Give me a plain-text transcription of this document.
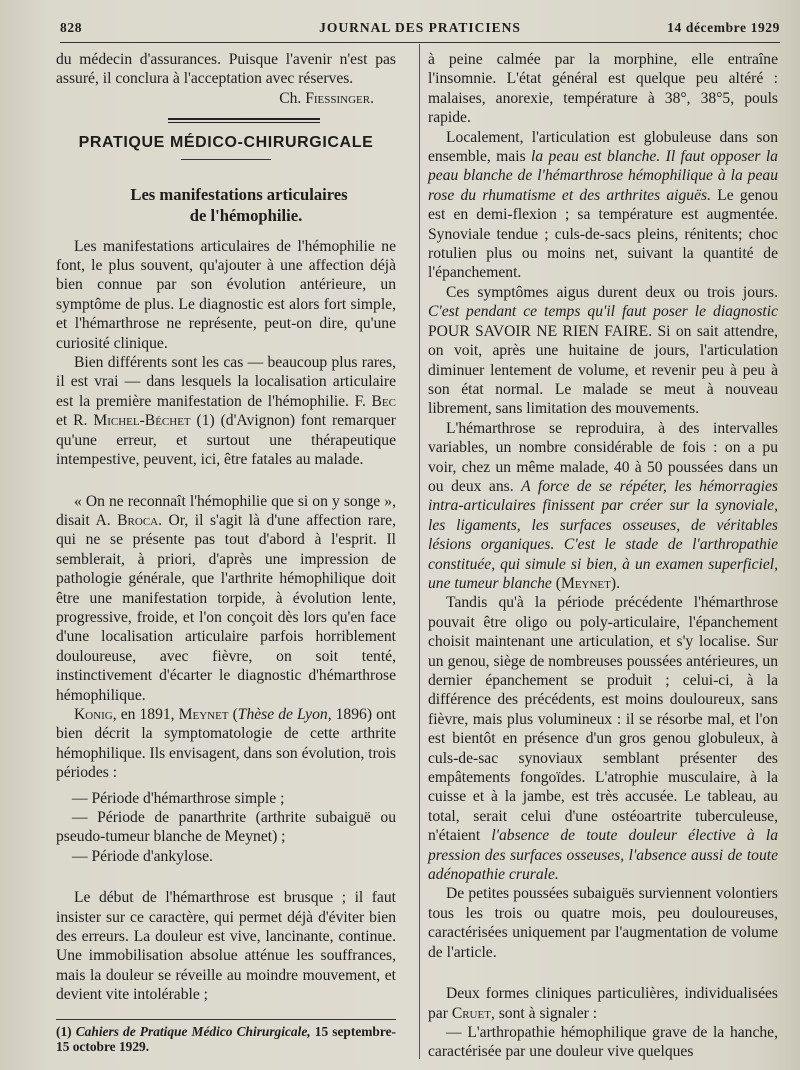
828	JOURNAL DES PRATICIENS	14 décembre 1929

du médecin d'assurances. Puisque l'avenir n'est pas assuré, il conclura à l'acceptation avec réserves.

Ch. Fiessinger.

PRATIQUE MÉDICO-CHIRURGICALE
Les manifestations articulaires
de l'hémophilie.

Les manifestations articulaires de l'hémophilie ne font, le plus souvent, qu'ajouter à une affection déjà bien connue par son évolution antérieure, un symptôme de plus. Le diagnostic est alors fort simple, et l'hémarthrose ne représente, peut-on dire, qu'une curiosité clinique.

Bien différents sont les cas — beaucoup plus rares, il est vrai — dans lesquels la localisation articulaire est la première manifestation de l'hémophilie. F. Bec et R. Michel-Béchet (1) (d'Avignon) font remarquer qu'une erreur, et surtout une thérapeutique intempestive, peuvent, ici, être fatales au malade.

« On ne reconnaît l'hémophilie que si on y songe », disait A. Broca. Or, il s'agit là d'une affection rare, qui ne se présente pas tout d'abord à l'esprit. Il semblerait, à priori, d'après une impression de pathologie générale, que l'arthrite hémophilique doit être une manifestation torpide, à évolution lente, progressive, froide, et l'on conçoit dès lors qu'en face d'une localisation articulaire parfois horriblement douloureuse, avec fièvre, on soit tenté, instinctivement d'écarter le diagnostic d'hémarthrose hémophilique.

Konig, en 1891, Meynet (Thèse de Lyon, 1896) ont bien décrit la symptomatologie de cette arthrite hémophilique. Ils envisagent, dans son évolution, trois périodes :

— Période d'hémarthrose simple ;

— Période de panarthrite (arthrite subaiguë ou pseudo-tumeur blanche de Meynet) ;

— Période d'ankylose.

Le début de l'hémarthrose est brusque ; il faut insister sur ce caractère, qui permet déjà d'éviter bien des erreurs. La douleur est vive, lancinante, continue. Une immobilisation absolue atténue les souffrances, mais la douleur se réveille au moindre mouvement, et devient vite intolérable ;

(1) Cahiers de Pratique Médico Chirurgicale, 15 septembre-15 octobre 1929.

à peine calmée par la morphine, elle entraîne l'insomnie. L'état général est quelque peu altéré : malaises, anorexie, température à 38°, 38°5, pouls rapide.

Localement, l'articulation est globuleuse dans son ensemble, mais la peau est blanche. Il faut opposer la peau blanche de l'hémarthrose hémophilique à la peau rose du rhumatisme et des arthrites aiguës. Le genou est en demi-flexion ; sa température est augmentée. Synoviale tendue ; culs-de-sacs pleins, rénitents; choc rotulien plus ou moins net, suivant la quantité de l'épanchement.

Ces symptômes aigus durent deux ou trois jours. C'est pendant ce temps qu'il faut poser le diagnostic POUR SAVOIR NE RIEN FAIRE. Si on sait attendre, on voit, après une huitaine de jours, l'articulation diminuer lentement de volume, et revenir peu à peu à son état normal. Le malade se meut à nouveau librement, sans limitation des mouvements.

L'hémarthrose se reproduira, à des intervalles variables, un nombre considérable de fois : on a pu voir, chez un même malade, 40 à 50 poussées dans un ou deux ans. A force de se répéter, les hémorragies intra-articulaires finissent par créer sur la synoviale, les ligaments, les surfaces osseuses, de véritables lésions organiques. C'est le stade de l'arthropathie constituée, qui simule si bien, à un examen superficiel, une tumeur blanche (Meynet).

Tandis qu'à la période précédente l'hémarthrose pouvait être oligo ou poly-articulaire, l'épanchement choisit maintenant une articulation, et s'y localise. Sur un genou, siège de nombreuses poussées antérieures, un dernier épanchement se produit ; celui-ci, à la différence des précédents, est moins douloureux, sans fièvre, mais plus volumineux : il se résorbe mal, et l'on est bientôt en présence d'un gros genou globuleux, à culs-de-sac synoviaux semblant présenter des empâtements fongoïdes. L'atrophie musculaire, à la cuisse et à la jambe, est très accusée. Le tableau, au total, serait celui d'une ostéoartrite tuberculeuse, n'étaient l'absence de toute douleur élective à la pression des surfaces osseuses, l'absence aussi de toute adénopathie crurale.

De petites poussées subaiguës surviennent volontiers tous les trois ou quatre mois, peu douloureuses, caractérisées uniquement par l'augmentation de volume de l'article.

Deux formes cliniques particulières, individualisées par Cruet, sont à signaler :

— L'arthropathie hémophilique grave de la hanche, caractérisée par une douleur vive quelques
